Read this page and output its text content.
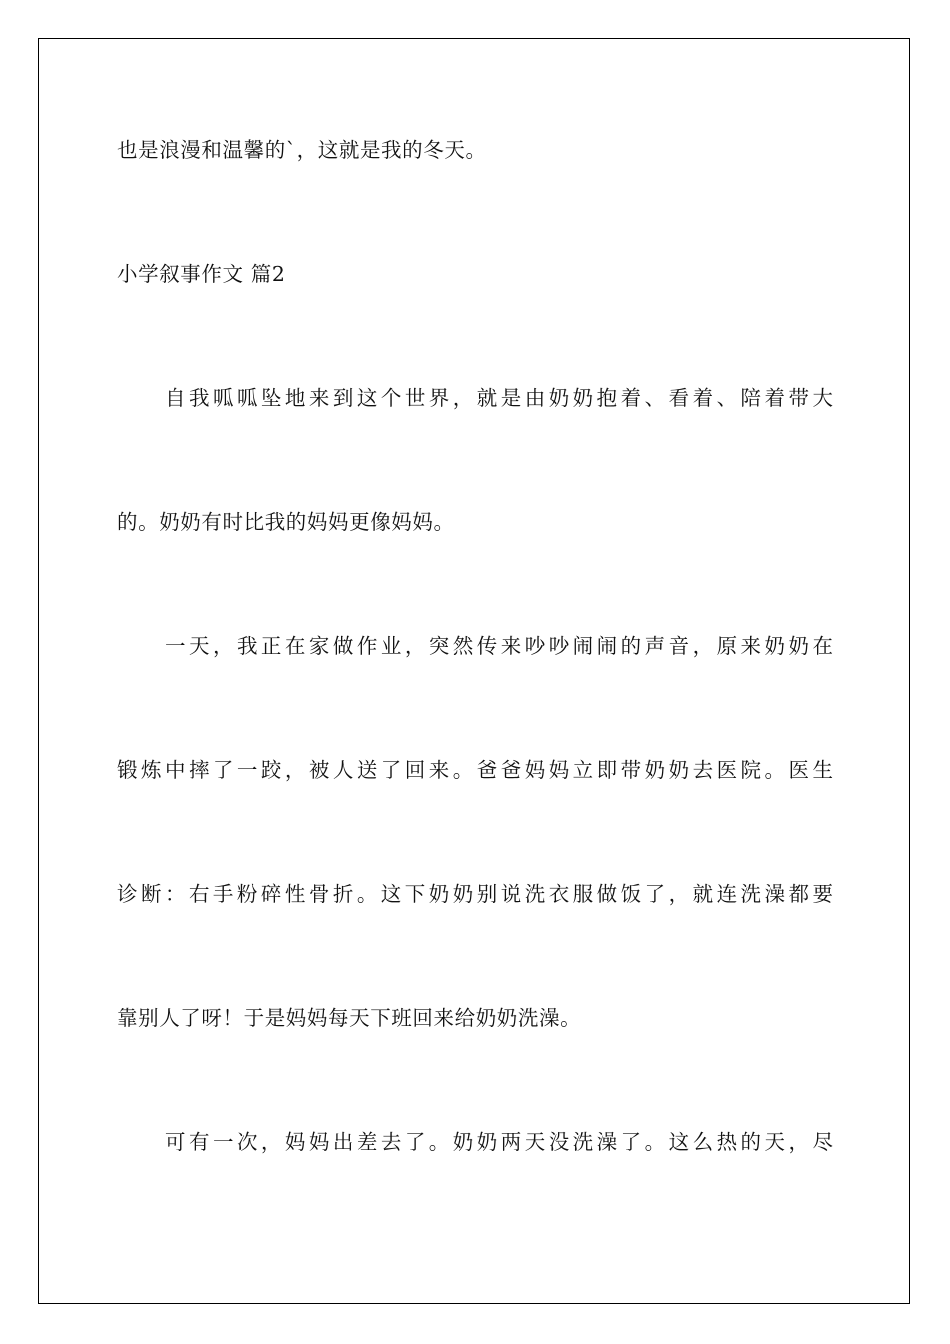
也是浪漫和温馨的`，这就是我的冬天。
小学叙事作文 篇2
自我呱呱坠地来到这个世界，就是由奶奶抱着、看着、陪着带大
的。奶奶有时比我的妈妈更像妈妈。
一天，我正在家做作业，突然传来吵吵闹闹的声音，原来奶奶在
锻炼中摔了一跤，被人送了回来。爸爸妈妈立即带奶奶去医院。医生
诊断：右手粉碎性骨折。这下奶奶别说洗衣服做饭了，就连洗澡都要
靠别人了呀！于是妈妈每天下班回来给奶奶洗澡。
可有一次，妈妈出差去了。奶奶两天没洗澡了。这么热的天，尽
